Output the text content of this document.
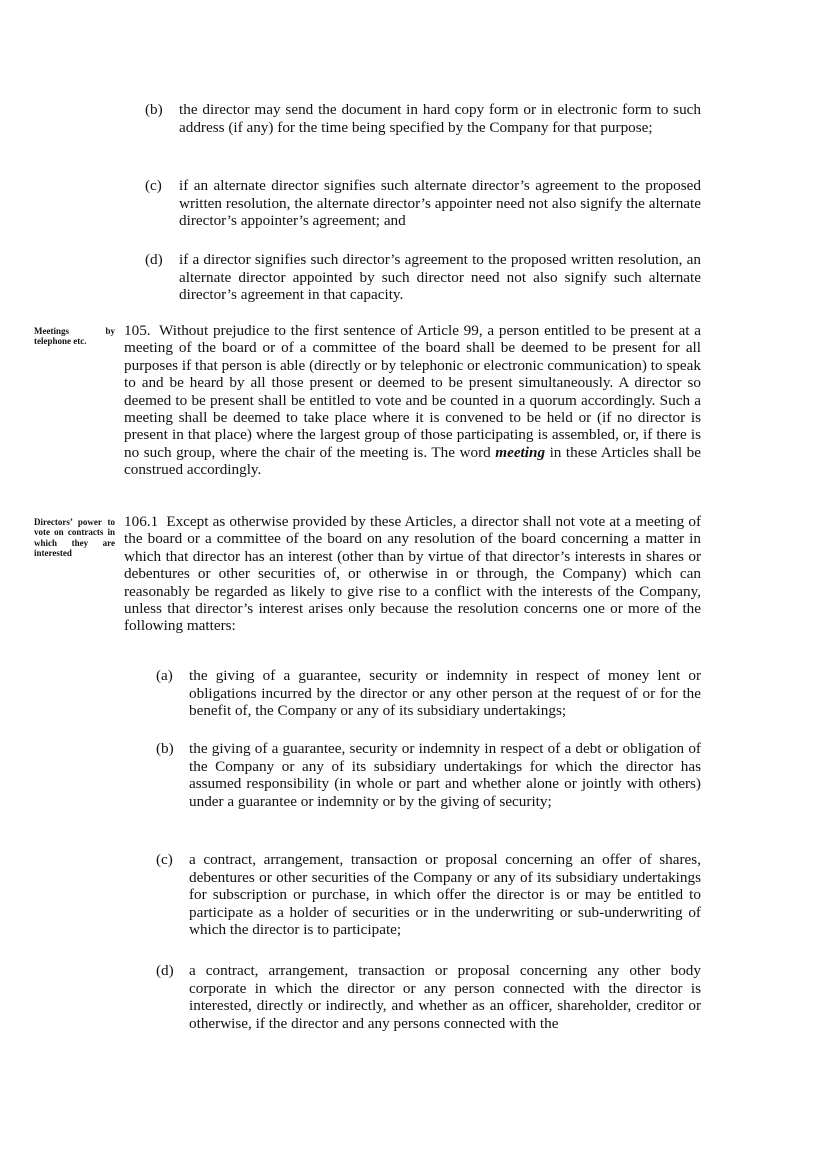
(b) the director may send the document in hard copy form or in electronic form to such address (if any) for the time being specified by the Company for that purpose;
(c) if an alternate director signifies such alternate director’s agreement to the proposed written resolution, the alternate director’s appointer need not also signify the alternate director’s appointer’s agreement; and
(d) if a director signifies such director’s agreement to the proposed written resolution, an alternate director appointed by such director need not also signify such alternate director’s agreement in that capacity.
Meetings by telephone etc.
105. Without prejudice to the first sentence of Article 99, a person entitled to be present at a meeting of the board or of a committee of the board shall be deemed to be present for all purposes if that person is able (directly or by telephonic or electronic communication) to speak to and be heard by all those present or deemed to be present simultaneously. A director so deemed to be present shall be entitled to vote and be counted in a quorum accordingly. Such a meeting shall be deemed to take place where it is convened to be held or (if no director is present in that place) where the largest group of those participating is assembled, or, if there is no such group, where the chair of the meeting is. The word meeting in these Articles shall be construed accordingly.
Directors’ power to vote on contracts in which they are interested
106.1 Except as otherwise provided by these Articles, a director shall not vote at a meeting of the board or a committee of the board on any resolution of the board concerning a matter in which that director has an interest (other than by virtue of that director’s interests in shares or debentures or other securities of, or otherwise in or through, the Company) which can reasonably be regarded as likely to give rise to a conflict with the interests of the Company, unless that director’s interest arises only because the resolution concerns one or more of the following matters:
(a) the giving of a guarantee, security or indemnity in respect of money lent or obligations incurred by the director or any other person at the request of or for the benefit of, the Company or any of its subsidiary undertakings;
(b) the giving of a guarantee, security or indemnity in respect of a debt or obligation of the Company or any of its subsidiary undertakings for which the director has assumed responsibility (in whole or part and whether alone or jointly with others) under a guarantee or indemnity or by the giving of security;
(c) a contract, arrangement, transaction or proposal concerning an offer of shares, debentures or other securities of the Company or any of its subsidiary undertakings for subscription or purchase, in which offer the director is or may be entitled to participate as a holder of securities or in the underwriting or sub-underwriting of which the director is to participate;
(d) a contract, arrangement, transaction or proposal concerning any other body corporate in which the director or any person connected with the director is interested, directly or indirectly, and whether as an officer, shareholder, creditor or otherwise, if the director and any persons connected with the
